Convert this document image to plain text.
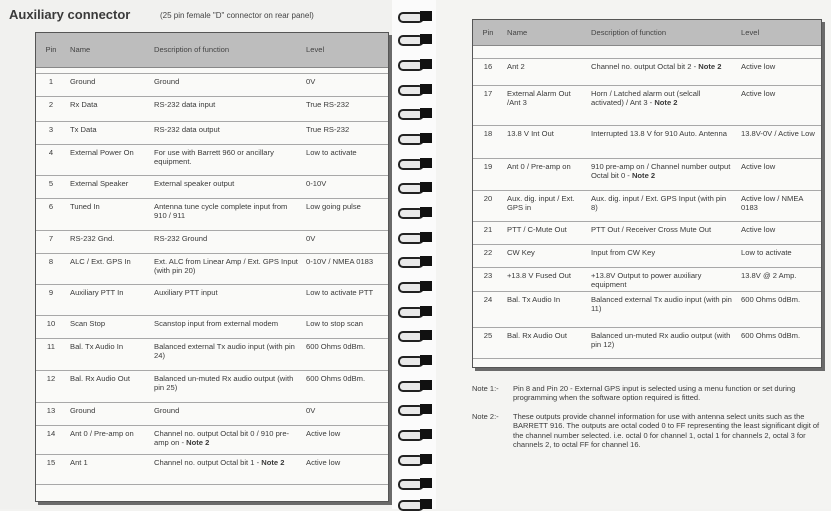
Auxiliary connector	(25 pin female "D" connector on rear panel)
Pin	Name	Description of function	Level

1	Ground	Ground	0V
2	Rx Data	RS-232 data input	True RS-232
3	Tx Data	RS-232 data output	True RS-232
4	External Power On	For use with Barrett 960 or ancillary equipment.	Low to activate
5	External Speaker	External speaker output	0-10V
6	Tuned In	Antenna tune cycle complete input from 910 / 911	Low going pulse
7	RS-232 Gnd.	RS-232 Ground	0V
8	ALC / Ext. GPS In	Ext. ALC from Linear Amp / Ext. GPS Input (with pin 20)	0-10V / NMEA 0183
9	Auxiliary PTT In	Auxiliary PTT input	Low to activate PTT
10	Scan Stop	Scanstop input from external modem	Low to stop scan
11	Bal. Tx Audio In	Balanced external Tx audio input (with pin 24)	600 Ohms 0dBm.
12	Bal. Rx Audio Out	Balanced un-muted Rx audio output (with pin 25)	600 Ohms 0dBm.
13	Ground	Ground	0V
14	Ant 0 / Pre-amp on	Channel no. output Octal bit 0 / 910 pre-amp on - Note 2	Active low
15	Ant 1	Channel no. output Octal bit 1 - Note 2	Active low
Pin	Name	Description of function	Level

16	Ant 2	Channel no. output Octal bit 2 - Note 2	Active low
17	External Alarm Out /Ant 3	Horn / Latched alarm out (selcall activated) / Ant 3 - Note 2	Active low
18	13.8 V Int Out	Interrupted 13.8 V for 910 Auto. Antenna	13.8V-0V / Active Low
19	Ant 0 / Pre-amp on	910 pre-amp on / Channel number output Octal bit 0 - Note 2	Active low
20	Aux. dig. input / Ext. GPS in	Aux. dig. input / Ext. GPS Input (with pin 8)	Active low / NMEA 0183
21	PTT / C-Mute Out	PTT Out / Receiver Cross Mute Out	Active low
22	CW Key	Input from CW Key	Low to activate
23	+13.8 V Fused Out	+13.8V Output to power auxiliary equipment	13.8V @ 2 Amp.
24	Bal. Tx Audio In	Balanced external Tx audio input (with pin 11)	600 Ohms 0dBm.
25	Bal. Rx Audio Out	Balanced un-muted Rx audio output (with pin 12)	600 Ohms 0dBm.
Note 1:-	Pin 8 and Pin 20 - External GPS input is selected using a menu function or set during programming when the software option required is fitted.
Note 2:-	These outputs provide channel information for use with antenna select units such as the BARRETT 916. The outputs are octal coded 0 to FF representing the least significant digit of the channel number selected. i.e. octal 0 for channel 1, octal 1 for channels 2, octal 3 for channels 2, to octal FF for channel 16.
